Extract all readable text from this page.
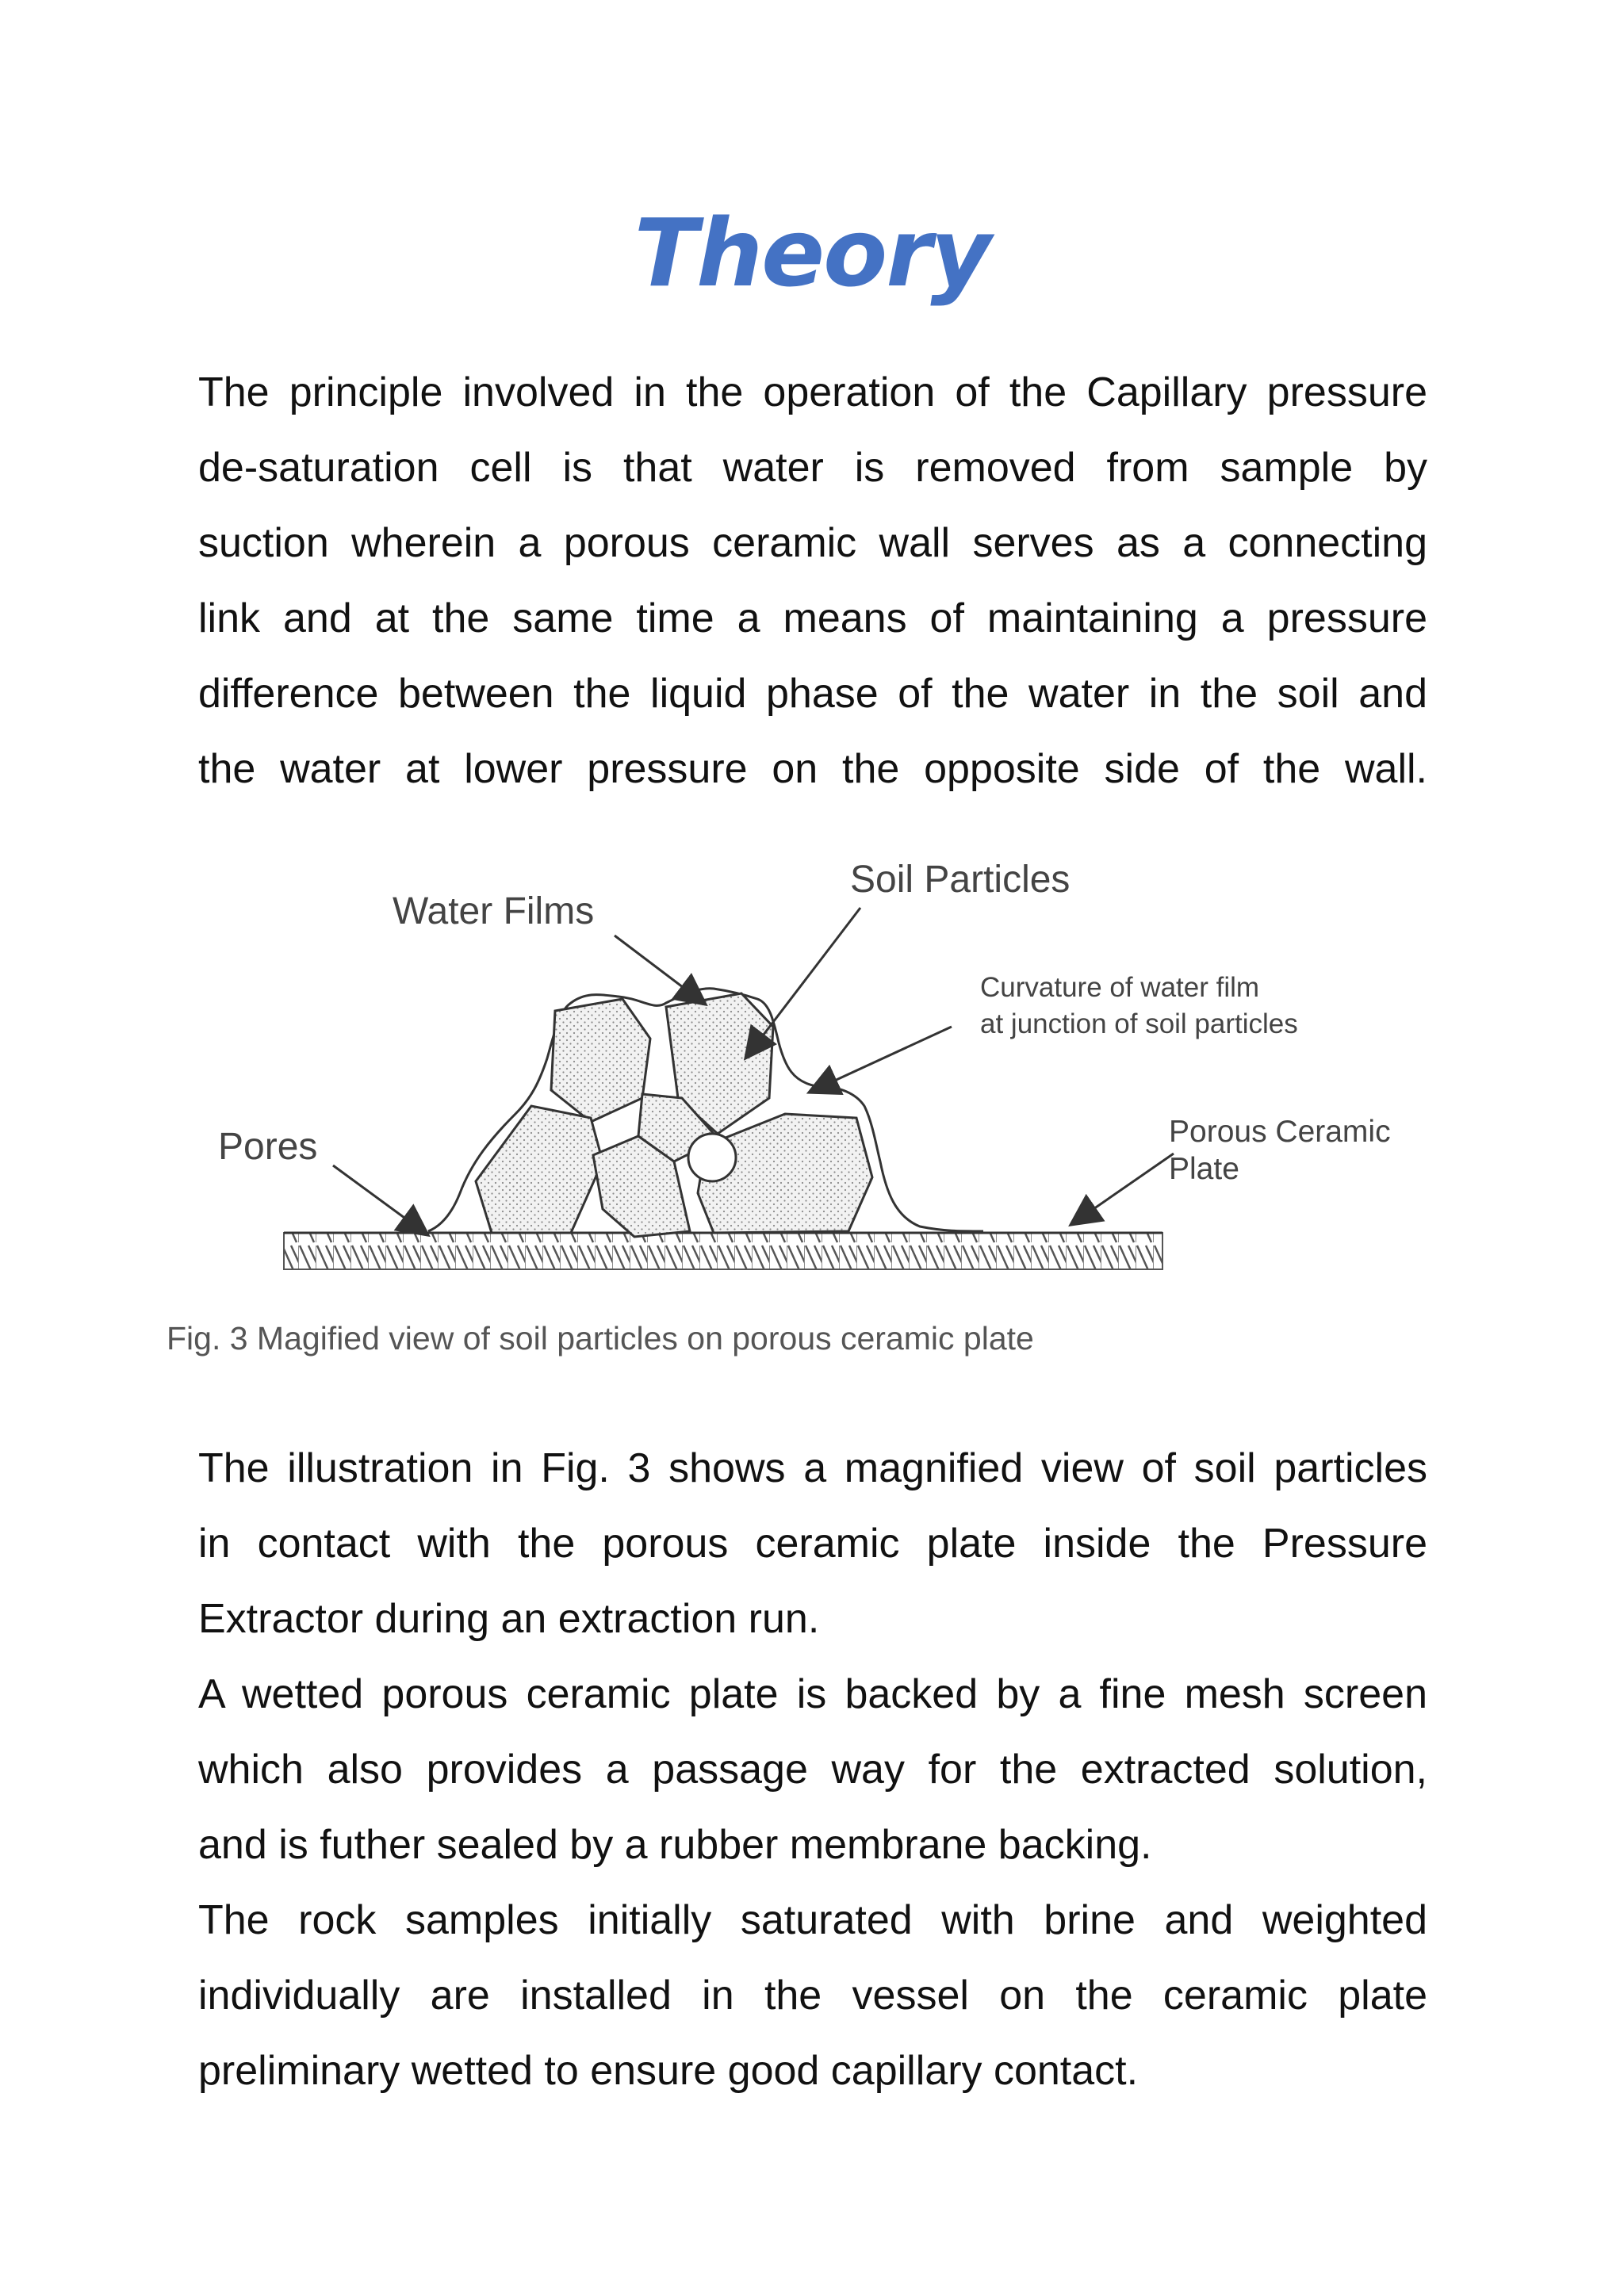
Theory
The principle involved in the operation of the Capillary pressure
de-saturation cell is that water is removed from sample by
suction wherein a porous ceramic wall serves as a connecting
link and at the same time a means of maintaining a pressure
difference between the liquid phase of the water in the soil and
the water at lower pressure on the opposite side of the wall.
Water Films
Soil Particles
Curvature of water film
at junction of soil particles
Pores	Porous Ceramic
Plate

Fig. 3 Magified view of soil particles on porous ceramic plate

The illustration in Fig. 3 shows a magnified view of soil particles
in contact with the porous ceramic plate inside the Pressure
Extractor during an extraction run.
A wetted porous ceramic plate is backed by a fine mesh screen
which also provides a passage way for the extracted solution,
and is futher sealed by a rubber membrane backing.
The rock samples initially saturated with brine and weighted
individually are installed in the vessel on the ceramic plate
preliminary wetted to ensure good capillary contact.
